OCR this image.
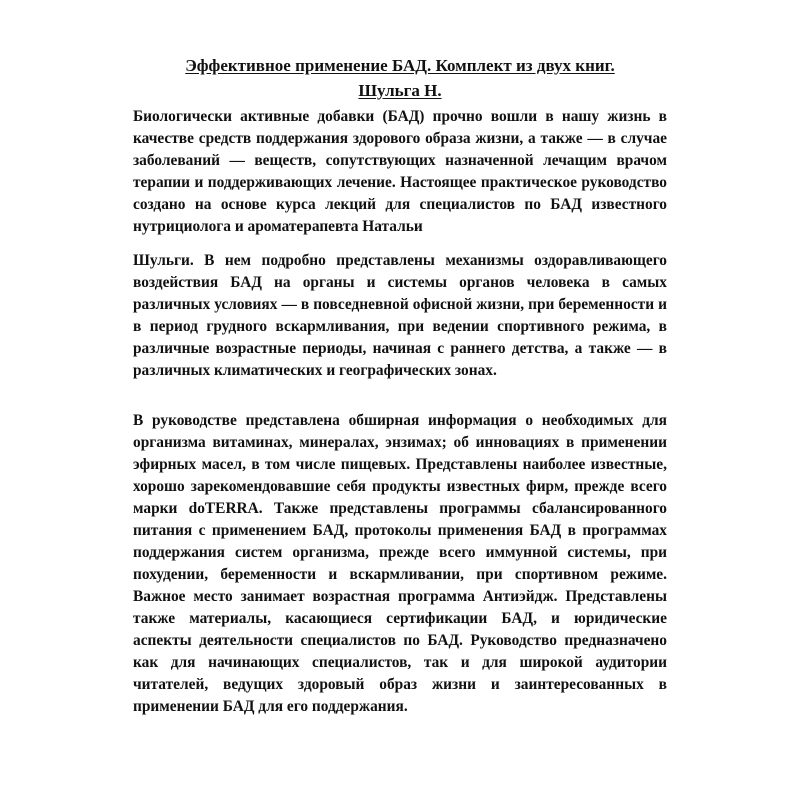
Эффективное применение БАД. Комплект из двух книг.
Шульга Н.

Биологически активные добавки (БАД) прочно вошли в нашу жизнь в качестве средств поддержания здорового образа жизни, а также — в случае заболеваний — веществ, сопутствующих назначенной лечащим врачом терапии и поддерживающих лечение. Настоящее практическое руководство создано на основе курса лекций для специалистов по БАД известного нутрициолога и ароматерапевта Натальи

Шульги. В нем подробно представлены механизмы оздоравливающего воздействия БАД на органы и системы органов человека в самых различных условиях — в повседневной офисной жизни, при беременности и в период грудного вскармливания, при ведении спортивного режима, в различные возрастные периоды, начиная с раннего детства, а также — в различных климатических и географических зонах.

В руководстве представлена обширная информация о необходимых для организма витаминах, минералах, энзимах; об инновациях в применении эфирных масел, в том числе пищевых. Представлены наиболее известные, хорошо зарекомендовавшие себя продукты известных фирм, прежде всего марки doTERRA. Также представлены программы сбалансированного питания с применением БАД, протоколы применения БАД в программах поддержания систем организма, прежде всего иммунной системы, при похудении, беременности и вскармливании, при спортивном режиме. Важное место занимает возрастная программа Антиэйдж. Представлены также материалы, касающиеся сертификации БАД, и юридические аспекты деятельности специалистов по БАД. Руководство предназначено как для начинающих специалистов, так и для широкой аудитории читателей, ведущих здоровый образ жизни и заинтересованных в применении БАД для его поддержания.
